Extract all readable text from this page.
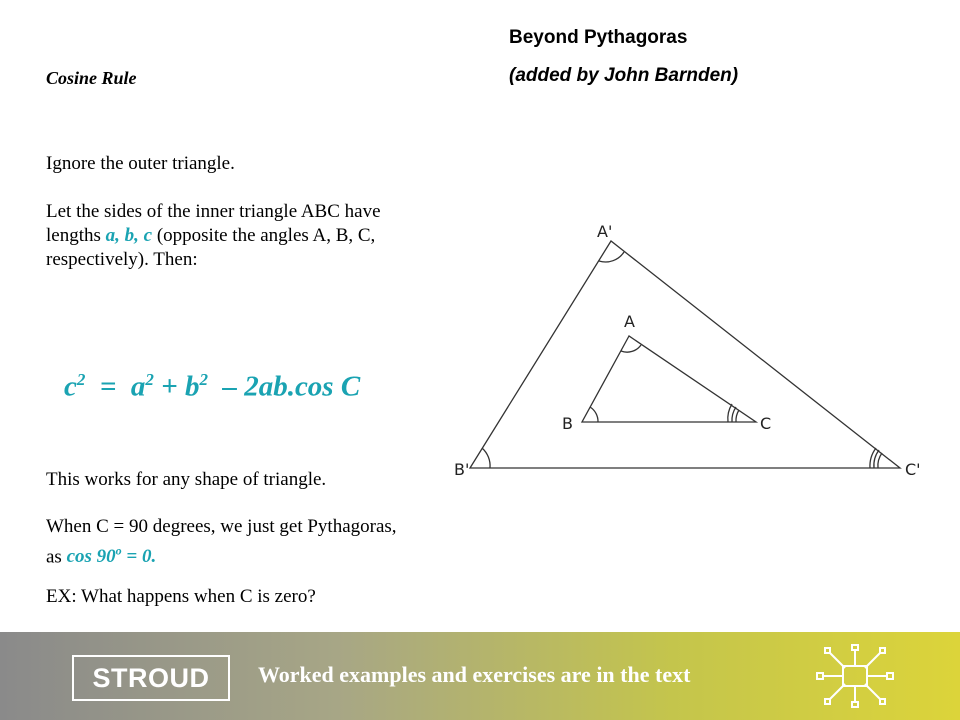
Beyond Pythagoras
(added by John Barnden)
Cosine Rule

Ignore the outer triangle.

Let the sides of the inner triangle ABC have lengths a, b, c (opposite the angles A, B, C, respectively). Then:

$c^2 = a^2 + b^2 - 2ab.\cos$ C

This works for any shape of triangle.

When C = 90 degrees, we just get Pythagoras, as $\cos 90^o = 0$.

EX: What happens when C is zero?

A'
B'	C'
A
B	C
STROUD	Worked examples and exercises are in the text
